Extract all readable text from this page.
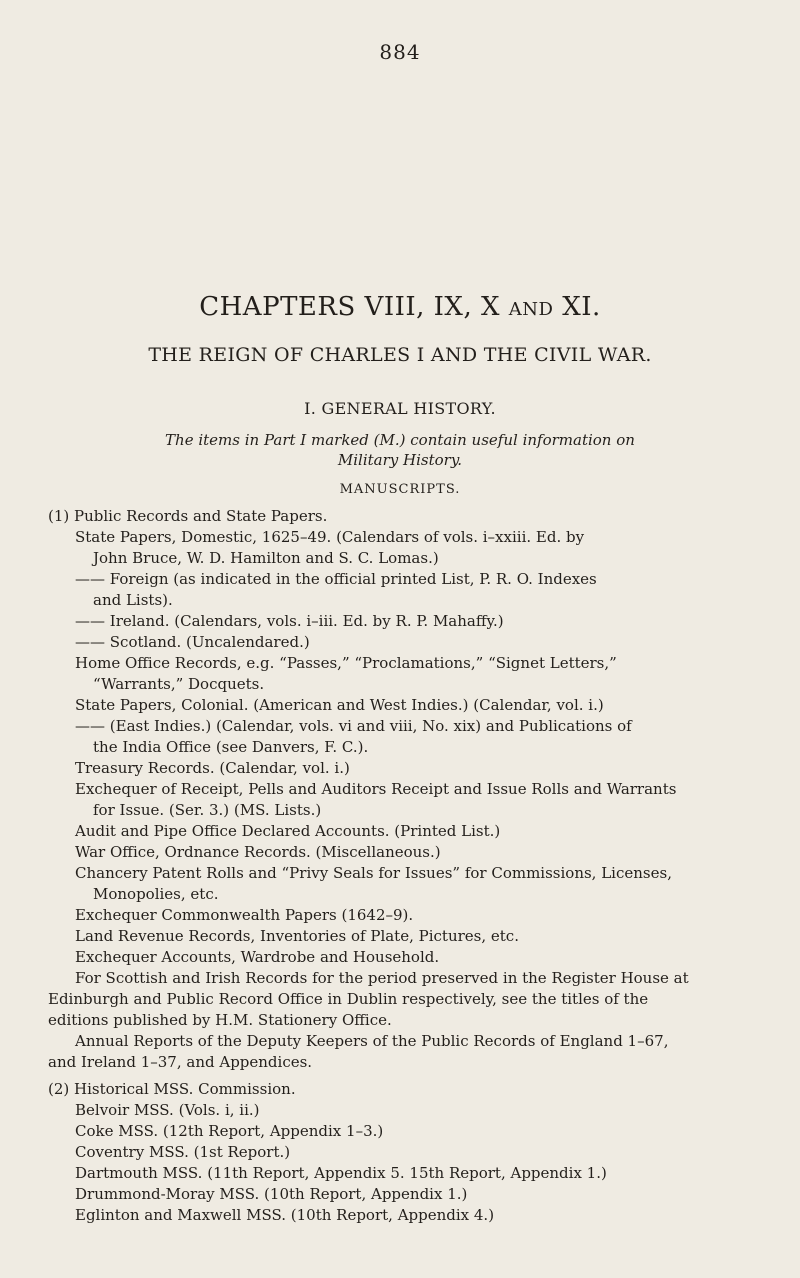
884
CHAPTERS VIII, IX, X AND XI.
THE REIGN OF CHARLES I AND THE CIVIL WAR.
I. GENERAL HISTORY.
The items in Part I marked (M.) contain useful information on Military History.
MANUSCRIPTS.
(1) Public Records and State Papers.
State Papers, Domestic, 1625–49. (Calendars of vols. i–xxiii. Ed. by
John Bruce, W. D. Hamilton and S. C. Lomas.)
—— Foreign (as indicated in the official printed List, P. R. O. Indexes
and Lists).
—— Ireland. (Calendars, vols. i–iii. Ed. by R. P. Mahaffy.)
—— Scotland. (Uncalendared.)
Home Office Records, e.g. “Passes,” “Proclamations,” “Signet Letters,”
“Warrants,” Docquets.
State Papers, Colonial. (American and West Indies.) (Calendar, vol. i.)
—— (East Indies.) (Calendar, vols. vi and viii, No. xix) and Publications of
the India Office (see Danvers, F. C.).
Treasury Records. (Calendar, vol. i.)
Exchequer of Receipt, Pells and Auditors Receipt and Issue Rolls and Warrants
for Issue. (Ser. 3.) (MS. Lists.)
Audit and Pipe Office Declared Accounts. (Printed List.)
War Office, Ordnance Records. (Miscellaneous.)
Chancery Patent Rolls and “Privy Seals for Issues” for Commissions, Licenses,
Monopolies, etc.
Exchequer Commonwealth Papers (1642–9).
Land Revenue Records, Inventories of Plate, Pictures, etc.
Exchequer Accounts, Wardrobe and Household.
For Scottish and Irish Records for the period preserved in the Register House at
Edinburgh and Public Record Office in Dublin respectively, see the titles of the
editions published by H.M. Stationery Office.
Annual Reports of the Deputy Keepers of the Public Records of England 1–67,
and Ireland 1–37, and Appendices.
(2) Historical MSS. Commission.
Belvoir MSS. (Vols. i, ii.)
Coke MSS. (12th Report, Appendix 1–3.)
Coventry MSS. (1st Report.)
Dartmouth MSS. (11th Report, Appendix 5. 15th Report, Appendix 1.)
Drummond-Moray MSS. (10th Report, Appendix 1.)
Eglinton and Maxwell MSS. (10th Report, Appendix 4.)
